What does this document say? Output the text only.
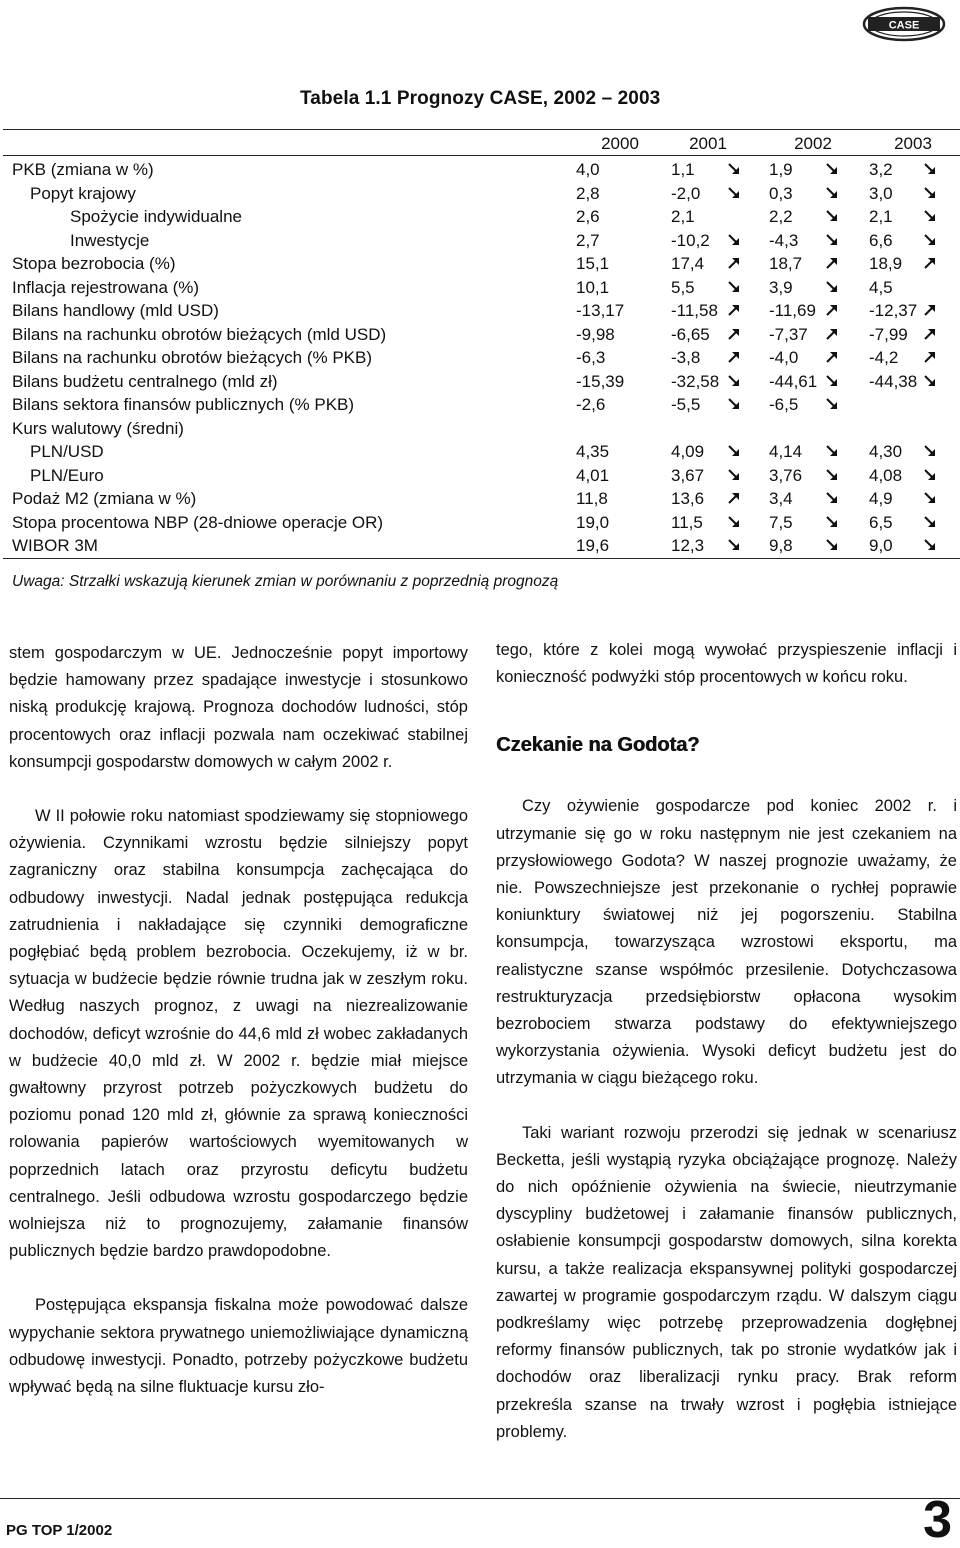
CASE
Tabela 1.1 Prognozy CASE, 2002 – 2003
2000	2001	2002	2003
PKB (zmiana w %)	4,0	1,1	1,9	3,2
Popyt krajowy	2,8	-2,0	0,3	3,0
Spożycie indywidualne	2,6	2,1	2,2	2,1
Inwestycje	2,7	-10,2	-4,3	6,6
Stopa bezrobocia (%)	15,1	17,4	18,7	18,9
Inflacja rejestrowana (%)	10,1	5,5	3,9	4,5
Bilans handlowy (mld USD)	-13,17	-11,58	-11,69	-12,37
Bilans na rachunku obrotów bieżących (mld USD)	-9,98	-6,65	-7,37	-7,99
Bilans na rachunku obrotów bieżących (% PKB)	-6,3	-3,8	-4,0	-4,2
Bilans budżetu centralnego (mld zł)	-15,39	-32,58	-44,61	-44,38
Bilans sektora finansów publicznych (% PKB)	-2,6	-5,5	-6,5
Kurs walutowy (średni)
PLN/USD	4,35	4,09	4,14	4,30
PLN/Euro	4,01	3,67	3,76	4,08
Podaż M2 (zmiana w %)	11,8	13,6	3,4	4,9
Stopa procentowa NBP (28-dniowe operacje OR)	19,0	11,5	7,5	6,5
WIBOR 3M	19,6	12,3	9,8	9,0
Uwaga: Strzałki wskazują kierunek zmian w porównaniu z poprzednią prognozą

stem gospodarczym w UE. Jednocześnie popyt importowy będzie hamowany przez spadające inwestycje i stosunkowo niską produkcję krajową. Prognoza dochodów ludności, stóp procentowych oraz inflacji pozwala nam oczekiwać stabilnej konsumpcji gospodarstw domowych w całym 2002 r.

W II połowie roku natomiast spodziewamy się stopniowego ożywienia. Czynnikami wzrostu będzie silniejszy popyt zagraniczny oraz stabilna konsumpcja zachęcająca do odbudowy inwestycji. Nadal jednak postępująca redukcja zatrudnienia i nakładające się czynniki demograficzne pogłębiać będą problem bezrobocia. Oczekujemy, iż w br. sytuacja w budżecie będzie równie trudna jak w zeszłym roku. Według naszych prognoz, z uwagi na niezrealizowanie dochodów, deficyt wzrośnie do 44,6 mld zł wobec zakładanych w budżecie 40,0 mld zł. W 2002 r. będzie miał miejsce gwałtowny przyrost potrzeb pożyczkowych budżetu do poziomu ponad 120 mld zł, głównie za sprawą konieczności rolowania papierów wartościowych wyemitowanych w poprzednich latach oraz przyrostu deficytu budżetu centralnego. Jeśli odbudowa wzrostu gospodarczego będzie wolniejsza niż to prognozujemy, załamanie finansów publicznych będzie bardzo prawdopodobne.

Postępująca ekspansja fiskalna może powodować dalsze wypychanie sektora prywatnego uniemożliwiające dynamiczną odbudowę inwestycji. Ponadto, potrzeby pożyczkowe budżetu wpływać będą na silne fluktuacje kursu zło-

tego, które z kolei mogą wywołać przyspieszenie inflacji i konieczność podwyżki stóp procentowych w końcu roku.

Czekanie na Godota?

Czy ożywienie gospodarcze pod koniec 2002 r. i utrzymanie się go w roku następnym nie jest czekaniem na przysłowiowego Godota? W naszej prognozie uważamy, że nie. Powszechniejsze jest przekonanie o rychłej poprawie koniunktury światowej niż jej pogorszeniu. Stabilna konsumpcja, towarzysząca wzrostowi eksportu, ma realistyczne szanse współmóc przesilenie. Dotychczasowa restrukturyzacja przedsiębiorstw opłacona wysokim bezrobociem stwarza podstawy do efektywniejszego wykorzystania ożywienia. Wysoki deficyt budżetu jest do utrzymania w ciągu bieżącego roku.

Taki wariant rozwoju przerodzi się jednak w scenariusz Becketta, jeśli wystąpią ryzyka obciążające prognozę. Należy do nich opóźnienie ożywienia na świecie, nieutrzymanie dyscypliny budżetowej i załamanie finansów publicznych, osłabienie konsumpcji gospodarstw domowych, silna korekta kursu, a także realizacja ekspansywnej polityki gospodarczej zawartej w programie gospodarczym rządu. W dalszym ciągu podkreślamy więc potrzebę przeprowadzenia dogłębnej reformy finansów publicznych, tak po stronie wydatków jak i dochodów oraz liberalizacji rynku pracy. Brak reform przekreśla szanse na trwały wzrost i pogłębia istniejące problemy.

PG TOP 1/2002	3
